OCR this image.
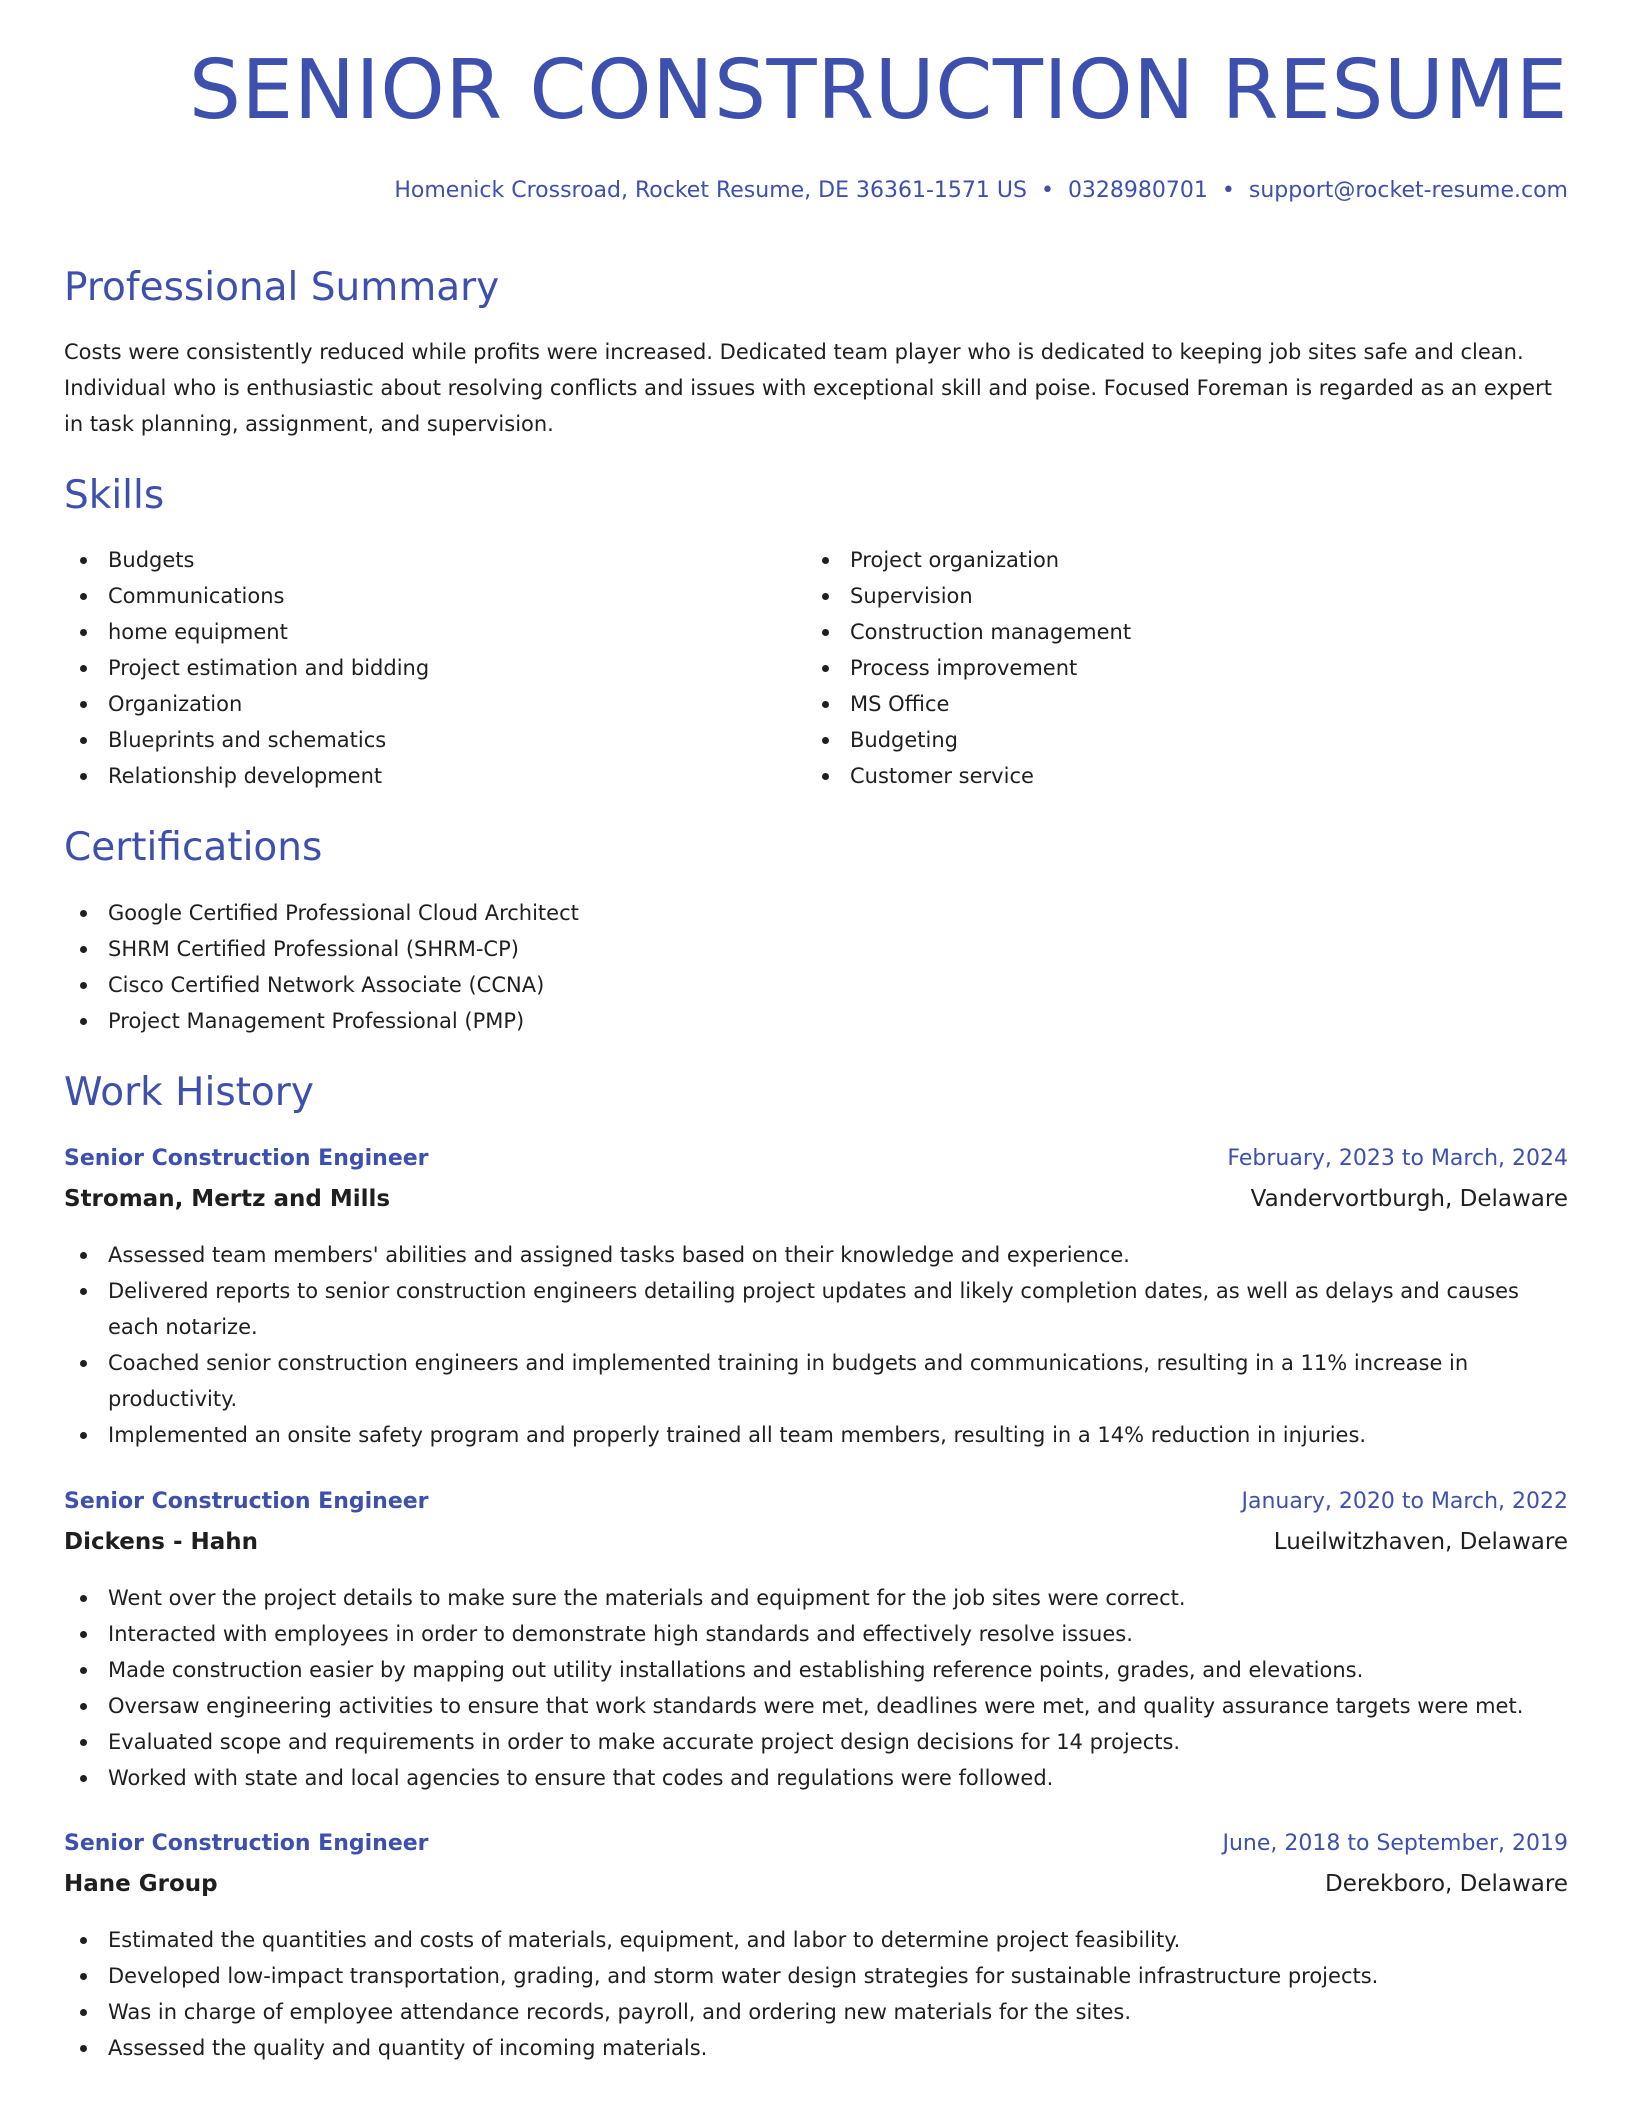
SENIOR CONSTRUCTION RESUME
Homenick Crossroad, Rocket Resume, DE 36361-1571 US • 0328980701 • support@rocket-resume.com
Professional Summary

Costs were consistently reduced while profits were increased. Dedicated team player who is dedicated to keeping job sites safe and clean. Individual who is enthusiastic about resolving conflicts and issues with exceptional skill and poise. Focused Foreman is regarded as an expert in task planning, assignment, and supervision.

Skills
Budgets
Communications
home equipment
Project estimation and bidding
Organization
Blueprints and schematics
Relationship development
Project organization
Supervision
Construction management
Process improvement
MS Office
Budgeting
Customer service
Certifications
Google Certified Professional Cloud Architect
SHRM Certified Professional (SHRM-CP)
Cisco Certified Network Associate (CCNA)
Project Management Professional (PMP)
Work History
Senior Construction Engineer	February, 2023 to March, 2024
Stroman, Mertz and Mills	Vandervortburgh, Delaware
Assessed team members' abilities and assigned tasks based on their knowledge and experience.
Delivered reports to senior construction engineers detailing project updates and likely completion dates, as well as delays and causes each notarize.
Coached senior construction engineers and implemented training in budgets and communications, resulting in a 11% increase in productivity.
Implemented an onsite safety program and properly trained all team members, resulting in a 14% reduction in injuries.
Senior Construction Engineer	January, 2020 to March, 2022
Dickens - Hahn	Lueilwitzhaven, Delaware
Went over the project details to make sure the materials and equipment for the job sites were correct.
Interacted with employees in order to demonstrate high standards and effectively resolve issues.
Made construction easier by mapping out utility installations and establishing reference points, grades, and elevations.
Oversaw engineering activities to ensure that work standards were met, deadlines were met, and quality assurance targets were met.
Evaluated scope and requirements in order to make accurate project design decisions for 14 projects.
Worked with state and local agencies to ensure that codes and regulations were followed.
Senior Construction Engineer	June, 2018 to September, 2019
Hane Group	Derekboro, Delaware
Estimated the quantities and costs of materials, equipment, and labor to determine project feasibility.
Developed low-impact transportation, grading, and storm water design strategies for sustainable infrastructure projects.
Was in charge of employee attendance records, payroll, and ordering new materials for the sites.
Assessed the quality and quantity of incoming materials.
